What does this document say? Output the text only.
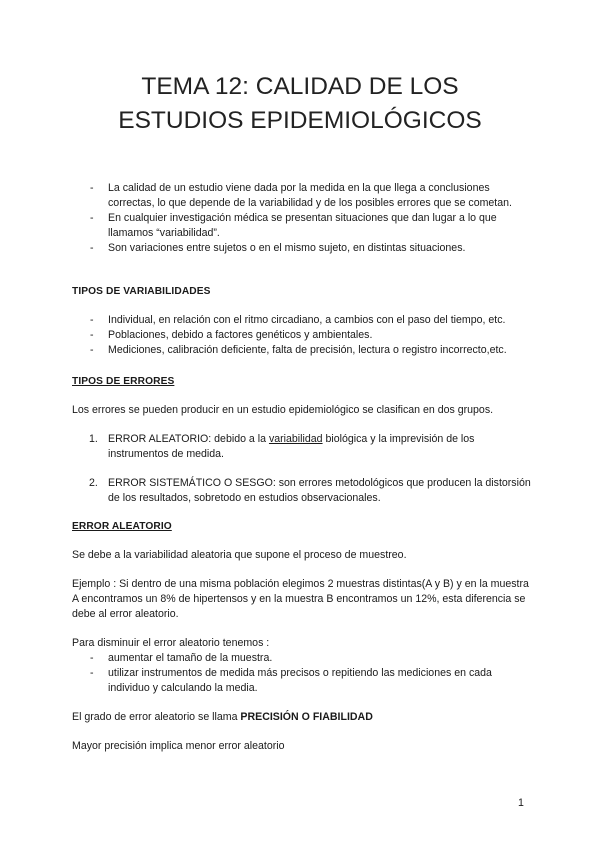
TEMA 12: CALIDAD DE LOS
ESTUDIOS EPIDEMIOLÓGICOS
- La calidad de un estudio viene dada por la medida en la que llega a conclusiones correctas, lo que depende de la variabilidad y de los posibles errores que se cometan.
- En cualquier investigación médica se presentan situaciones que dan lugar a lo que llamamos “variabilidad”.
- Son variaciones entre sujetos o en el mismo sujeto, en distintas situaciones.

TIPOS DE VARIABILIDADES

- Individual, en relación con el ritmo circadiano, a cambios con el paso del tiempo, etc.
- Poblaciones, debido a factores genéticos y ambientales.
- Mediciones, calibración deficiente, falta de precisión, lectura o registro incorrecto,etc.

TIPOS DE ERRORES

Los errores se pueden producir en un estudio epidemiológico se clasifican en dos grupos.

1. ERROR ALEATORIO: debido a la variabilidad biológica y la imprevisión de los instrumentos de medida.
2. ERROR SISTEMÁTICO O SESGO: son errores metodológicos que producen la distorsión de los resultados, sobretodo en estudios observacionales.

ERROR ALEATORIO

Se debe a la variabilidad aleatoria que supone el proceso de muestreo.

Ejemplo : Si dentro de una misma población elegimos 2 muestras distintas(A y B) y en la muestra A encontramos un 8% de hipertensos y en la muestra B encontramos un 12%, esta diferencia se debe al error aleatorio.

Para disminuir el error aleatorio tenemos :

- aumentar el tamaño de la muestra.
- utilizar instrumentos de medida más precisos o repitiendo las mediciones en cada individuo y calculando la media.

El grado de error aleatorio se llama PRECISIÓN O FIABILIDAD

Mayor precisión implica menor error aleatorio

1
